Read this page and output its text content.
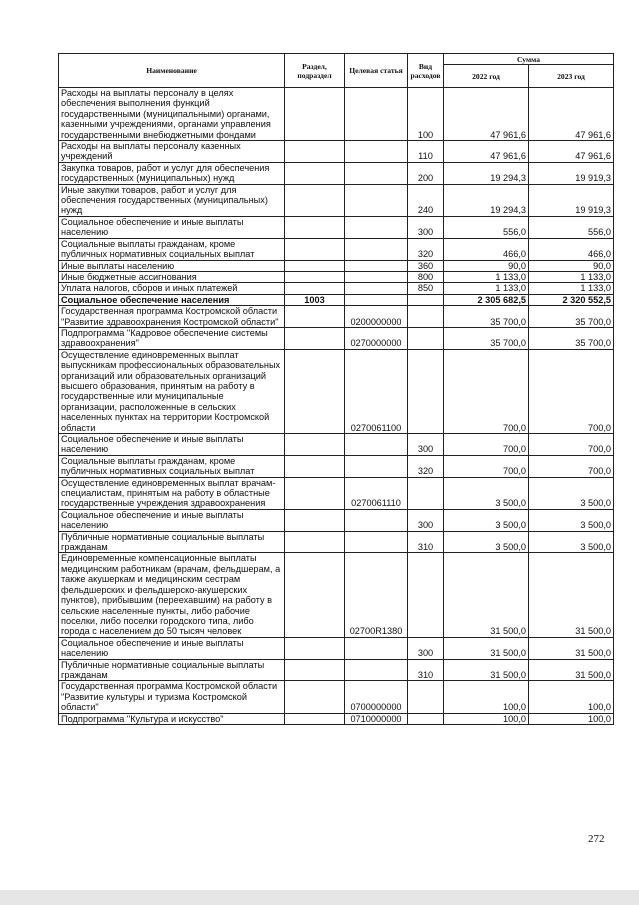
Наименование	Раздел, подраздел	Целевая статья	Вид расходов	Сумма	
				2022 год	2023 год
Расходы на выплаты персоналу в целях обеспечения выполнения функций государственными (муниципальными) органами, казенными учреждениями, органами управления государственными внебюджетными фондами			100	47 961,6	47 961,6
Расходы на выплаты персоналу казенных учреждений			110	47 961,6	47 961,6
Закупка товаров, работ и услуг для обеспечения государственных (муниципальных) нужд			200	19 294,3	19 919,3
Иные закупки товаров, работ и услуг для обеспечения государственных (муниципальных) нужд			240	19 294,3	19 919,3
Социальное обеспечение и иные выплаты населению			300	556,0	556,0
Социальные выплаты гражданам, кроме публичных нормативных социальных выплат			320	466,0	466,0
Иные выплаты населению			360	90,0	90,0
Иные бюджетные ассигнования			800	1 133,0	1 133,0
Уплата налогов, сборов и иных платежей			850	1 133,0	1 133,0
Социальное обеспечение населения	1003			2 305 682,5	2 320 552,5
Государственная программа Костромской области "Развитие здравоохранения Костромской области"		0200000000		35 700,0	35 700,0
Подпрограмма "Кадровое обеспечение системы здравоохранения"		0270000000		35 700,0	35 700,0
Осуществление единовременных выплат выпускникам профессиональных образовательных организаций или образовательных организаций высшего образования, принятым на работу в государственные или муниципальные организации, расположенные в сельских населенных пунктах на территории Костромской области		0270061100		700,0	700,0
Социальное обеспечение и иные выплаты населению			300	700,0	700,0
Социальные выплаты гражданам, кроме публичных нормативных социальных выплат			320	700,0	700,0
Осуществление единовременных выплат врачам-специалистам, принятым на работу в областные государственные учреждения здравоохранения		0270061110		3 500,0	3 500,0
Социальное обеспечение и иные выплаты населению			300	3 500,0	3 500,0
Публичные нормативные социальные выплаты гражданам			310	3 500,0	3 500,0
Единовременные компенсационные выплаты медицинским работникам (врачам, фельдшерам, а также акушеркам и медицинским сестрам фельдшерских и фельдшерско-акушерских пунктов), прибывшим (переехавшим) на работу в сельские населенные пункты, либо рабочие поселки, либо поселки городского типа, либо города с населением до 50 тысяч человек		02700R1380		31 500,0	31 500,0
Социальное обеспечение и иные выплаты населению			300	31 500,0	31 500,0
Публичные нормативные социальные выплаты гражданам			310	31 500,0	31 500,0
Государственная программа Костромской области "Развитие культуры и туризма Костромской области"		0700000000		100,0	100,0
Подпрограмма "Культура и искусство"		0710000000		100,0	100,0
272
